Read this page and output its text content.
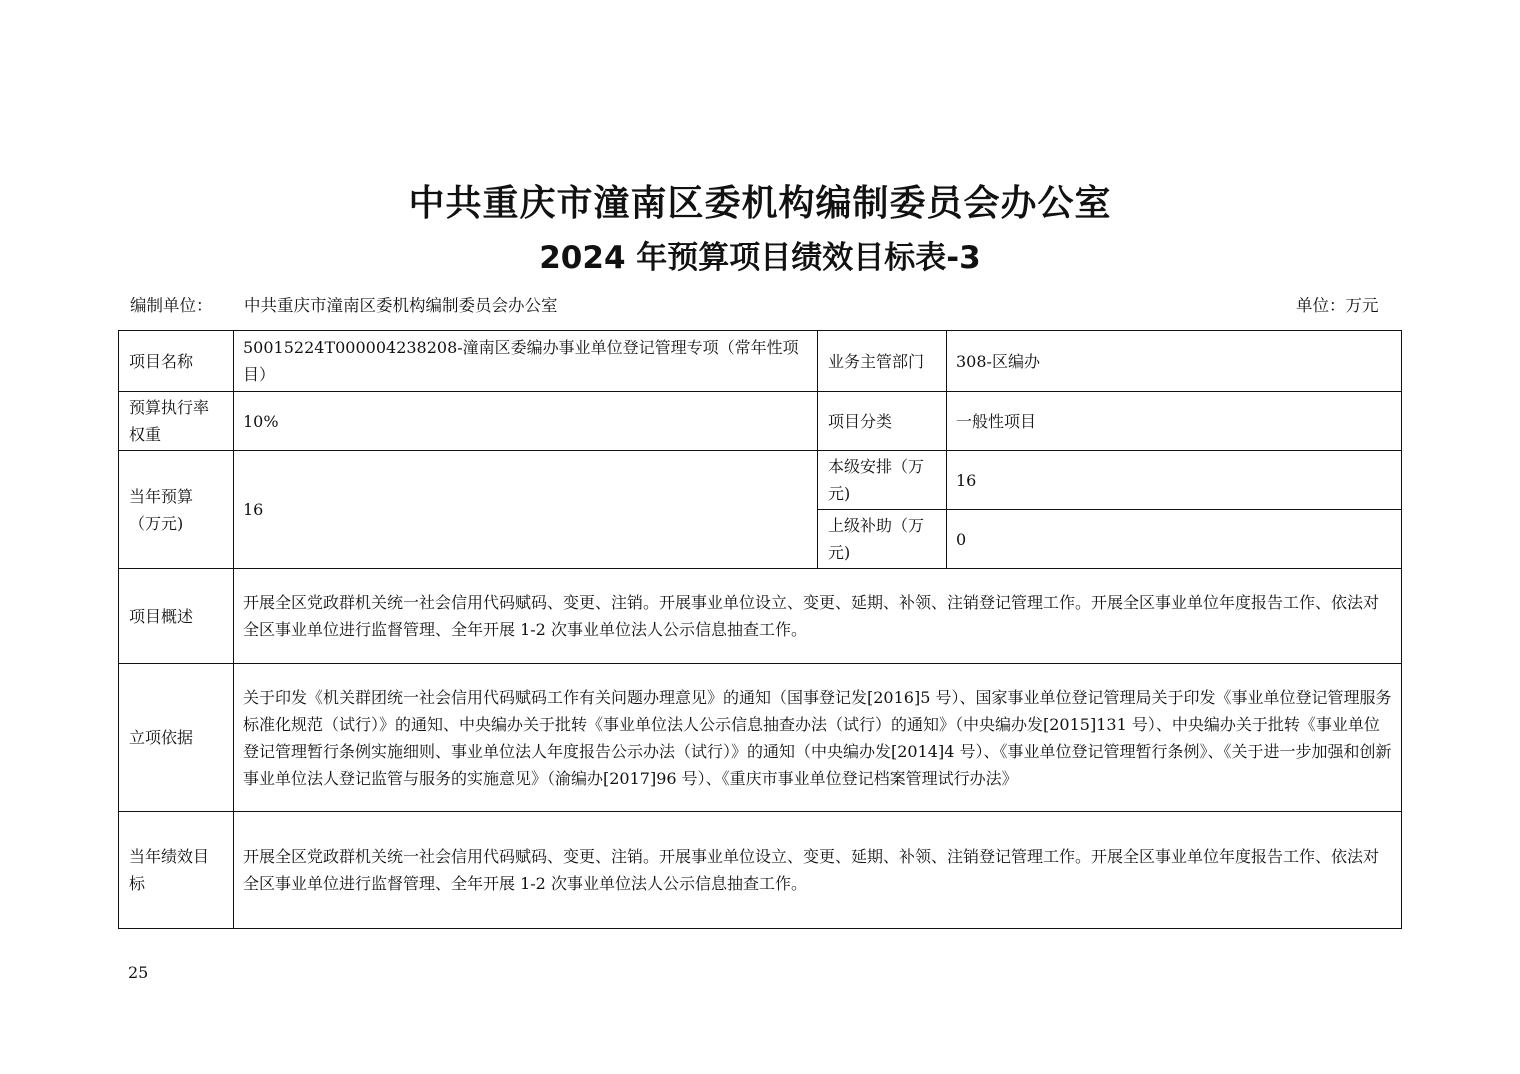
中共重庆市潼南区委机构编制委员会办公室
2024 年预算项目绩效目标表-3
编制单位： 中共重庆市潼南区委机构编制委员会办公室	单位：万元
项目名称	50015224T000004238208-潼南区委编办事业单位登记管理专项（常年性项目）	业务主管部门	308-区编办
预算执行率权重	10%	项目分类	一般性项目
当年预算（万元)	16	本级安排（万元)	16
		上级补助（万元)	0
项目概述	开展全区党政群机关统一社会信用代码赋码、变更、注销。开展事业单位设立、变更、延期、补领、注销登记管理工作。开展全区事业单位年度报告工作、依法对全区事业单位进行监督管理、全年开展 1-2 次事业单位法人公示信息抽查工作。		
立项依据	关于印发《机关群团统一社会信用代码赋码工作有关问题办理意见》的通知（国事登记发[2016]5 号）、国家事业单位登记管理局关于印发《事业单位登记管理服务标准化规范（试行）》的通知、中央编办关于批转《事业单位法人公示信息抽查办法（试行）的通知》（中央编办发[2015]131 号）、中央编办关于批转《事业单位登记管理暂行条例实施细则、事业单位法人年度报告公示办法（试行）》的通知（中央编办发[2014]4 号）、《事业单位登记管理暂行条例》、《关于进一步加强和创新事业单位法人登记监管与服务的实施意见》（渝编办[2017]96 号）、《重庆市事业单位登记档案管理试行办法》		
当年绩效目标	开展全区党政群机关统一社会信用代码赋码、变更、注销。开展事业单位设立、变更、延期、补领、注销登记管理工作。开展全区事业单位年度报告工作、依法对全区事业单位进行监督管理、全年开展 1-2 次事业单位法人公示信息抽查工作。		
25
